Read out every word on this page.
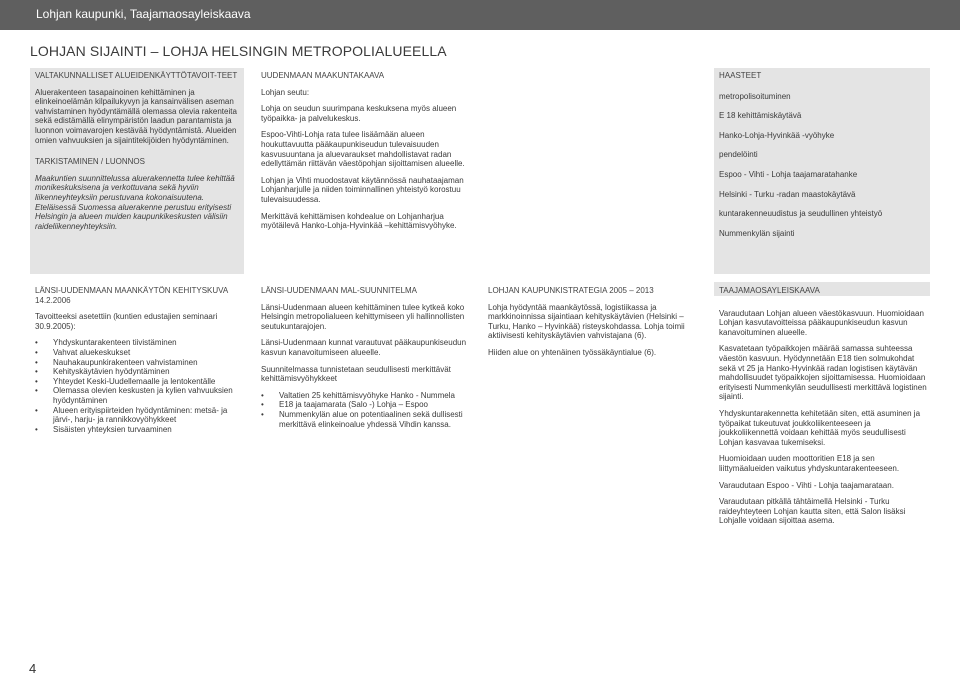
Lohjan kaupunki, Taajamaosayleiskaava
LOHJAN SIJAINTI – LOHJA HELSINGIN METROPOLIALUEELLA
VALTAKUNNALLISET ALUEIDENKÄYTTÖTAVOIT-TEET
Aluerakenteen tasapainoinen kehittäminen ja elinkeinoelämän kilpailukyvyn ja kansainvälisen aseman vahvistaminen hyödyntämällä olemassa olevia rakenteita sekä edistämällä elinympäristön laadun parantamista ja luonnon voimavarojen kestävää hyödyntämistä. Alueiden omien vahvuuksien ja sijaintitekijöiden hyödyntäminen.
TARKISTAMINEN / LUONNOS
Maakuntien suunnittelussa aluerakennetta tulee kehittää monikeskuksisena ja verkottuvana sekä hyviin liikenneyhteyksiin perustuvana kokonaisuutena. Eteläisessä Suomessa aluerakenne perustuu erityisesti Helsingin ja alueen muiden kaupunkikeskusten välisiin raideliikenneyhteyksiin.
UUDENMAAN MAAKUNTAKAAVA
Lohjan seutu:
Lohja on seudun suurimpana keskuksena myös alueen työpaikka- ja palvelukeskus.
Espoo-Vihti-Lohja rata tulee lisäämään alueen houkuttavuutta pääkaupunkiseudun tulevaisuuden kasvusuuntana ja aluevaraukset mahdollistavat radan edellyttämän riittävän väestöpohjan sijoittamisen alueelle.
Lohjan ja Vihti muodostavat käytännössä nauhataajaman Lohjanharjulle ja niiden toiminnallinen yhteistyö korostuu tulevaisuudessa.
Merkittävä kehittämisen kohdealue on Lohjanharjua myötäilevä Hanko-Lohja-Hyvinkää –kehittämisvyöhyke.
HAASTEET
metropolisoituminen
E 18 kehittämiskäytävä
Hanko-Lohja-Hyvinkää -vyöhyke
pendelöinti
Espoo - Vihti - Lohja taajamaratahanke
Helsinki - Turku -radan maastokäytävä
kuntarakenneuudistus ja seudullinen yhteistyö
Nummenkylän sijainti
LÄNSI-UUDENMAAN MAANKÄYTÖN KEHITYSKUVA 14.2.2006
Tavoitteeksi asetettiin (kuntien edustajien seminaari 30.9.2005):
• Yhdyskuntarakenteen tiivistäminen
• Vahvat aluekeskukset
• Nauhakaupunkirakenteen vahvistaminen
• Kehityskäytävien hyödyntäminen
• Yhteydet Keski-Uudellemaalle ja lentokentälle
• Olemassa olevien keskusten ja kylien vahvuuksien hyödyntäminen
• Alueen erityispiirteiden hyödyntäminen: metsä- ja järvi-, harju- ja rannikkovyöhykkeet
• Sisäisten yhteyksien turvaaminen
LÄNSI-UUDENMAAN MAL-SUUNNITELMA
Länsi-Uudenmaan alueen kehittäminen tulee kytkeä koko Helsingin metropolialueen kehittymiseen yli hallinnollisten seutukuntarajojen.
Länsi-Uudenmaan kunnat varautuvat pääkaupunkiseudun kasvun kanavoitumiseen alueelle.
Suunnitelmassa tunnistetaan seudullisesti merkittävät kehittämisvyöhykkeet
• Valtatien 25 kehittämisvyöhyke Hanko - Nummela
• E18 ja taajamarata (Salo -) Lohja – Espoo
• Nummenkylän alue on potentiaalinen sekä dullisesti merkittävä elinkeinoalue yhdessä Vihdin kanssa.
LOHJAN KAUPUNKISTRATEGIA 2005 – 2013
Lohja hyödyntää maankäytössä, logistiikassa ja markkinoinnissa sijaintiaan kehityskäytävien (Helsinki – Turku, Hanko – Hyvinkää) risteyskohdassa. Lohja toimii aktiivisesti kehityskäytävien vahvistajana (6).
Hiiden alue on yhtenäinen työssäkäyntialue (6).
TAAJAMAOSAYLEISKAAVA
Varaudutaan Lohjan alueen väestökasvuun. Huomioidaan Lohjan kasvutavoitteissa pääkaupunkiseudun kasvun kanavoituminen alueelle.
Kasvatetaan työpaikkojen määrää samassa suhteessa väestön kasvuun. Hyödynnetään E18 tien solmukohdat sekä vt 25 ja Hanko-Hyvinkää radan logistisen käytävän mahdollisuudet työpaikkojen sijoittamisessa. Huomioidaan erityisesti Nummenkylän seudullisesti merkittävä logistinen sijainti.
Yhdyskuntarakennetta kehitetään siten, että asuminen ja työpaikat tukeutuvat joukkoliikenteeseen ja joukkoliikennettä voidaan kehittää myös seudullisesti Lohjan kasvavaa tukemiseksi.
Huomioidaan uuden moottoritien E18 ja sen liittymäalueiden vaikutus yhdyskuntarakenteeseen.
Varaudutaan Espoo - Vihti - Lohja taajamarataan.
Varaudutaan pitkällä tähtäimellä Helsinki - Turku raideyhteyteen Lohjan kautta siten, että Salon lisäksi Lohjalle voidaan sijoittaa asema.
4
